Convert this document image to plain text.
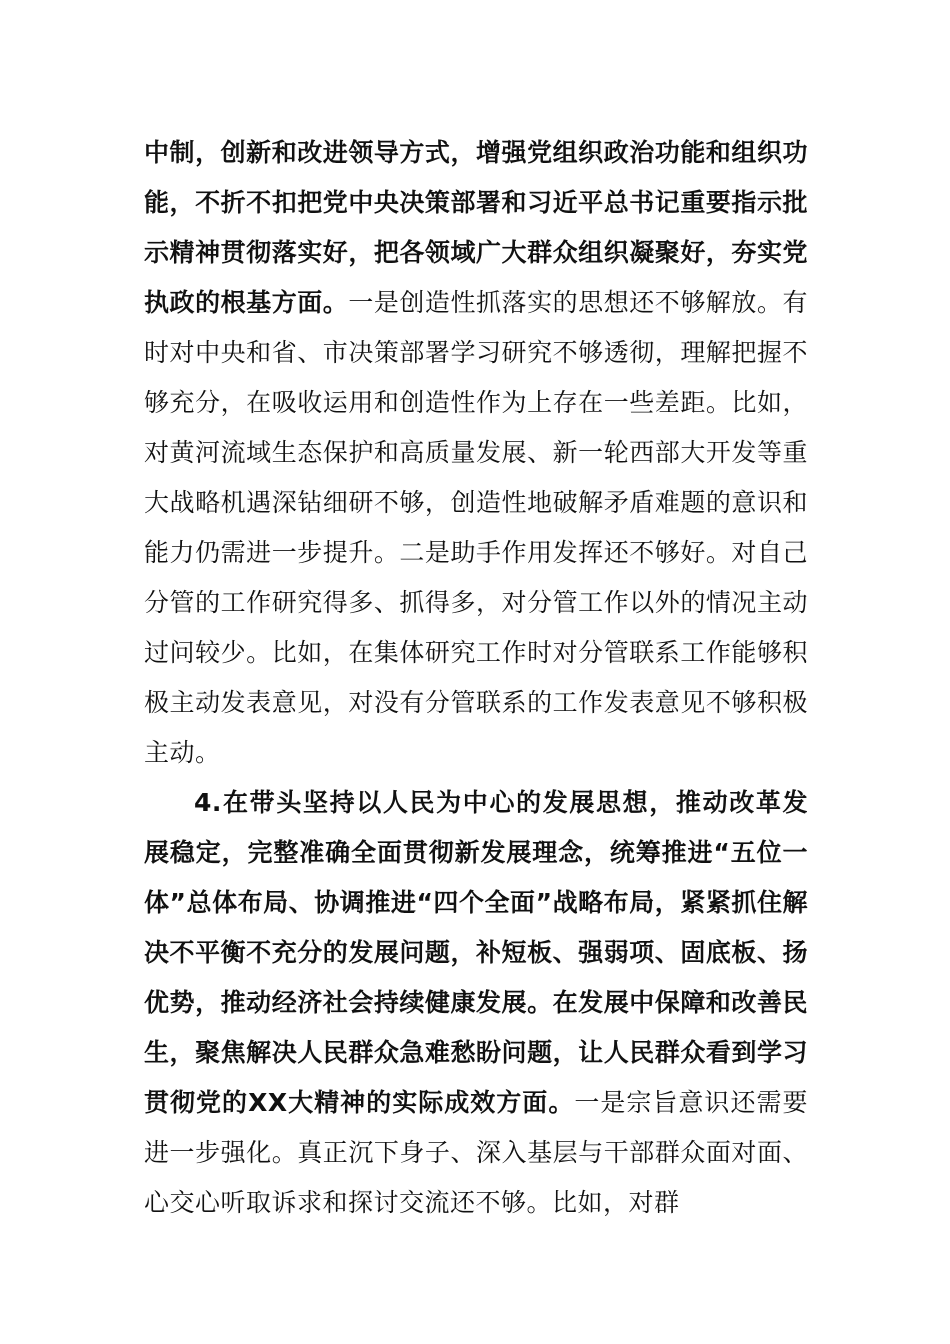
中制，创新和改进领导方式，增强党组织政治功能和组织功能，不折不扣把党中央决策部署和习近平总书记重要指示批示精神贯彻落实好，把各领域广大群众组织凝聚好，夯实党执政的根基方面。一是创造性抓落实的思想还不够解放。有时对中央和省、市决策部署学习研究不够透彻，理解把握不够充分，在吸收运用和创造性作为上存在一些差距。比如，对黄河流域生态保护和高质量发展、新一轮西部大开发等重大战略机遇深钻细研不够，创造性地破解矛盾难题的意识和能力仍需进一步提升。二是助手作用发挥还不够好。对自己分管的工作研究得多、抓得多，对分管工作以外的情况主动过问较少。比如，在集体研究工作时对分管联系工作能够积极主动发表意见，对没有分管联系的工作发表意见不够积极主动。

4.在带头坚持以人民为中心的发展思想，推动改革发展稳定，完整准确全面贯彻新发展理念，统筹推进“五位一体”总体布局、协调推进“四个全面”战略布局，紧紧抓住解决不平衡不充分的发展问题，补短板、强弱项、固底板、扬优势，推动经济社会持续健康发展。在发展中保障和改善民生，聚焦解决人民群众急难愁盼问题，让人民群众看到学习贯彻党的XX大精神的实际成效方面。一是宗旨意识还需要进一步强化。真正沉下身子、深入基层与干部群众面对面、心交心听取诉求和探讨交流还不够。比如，对群
